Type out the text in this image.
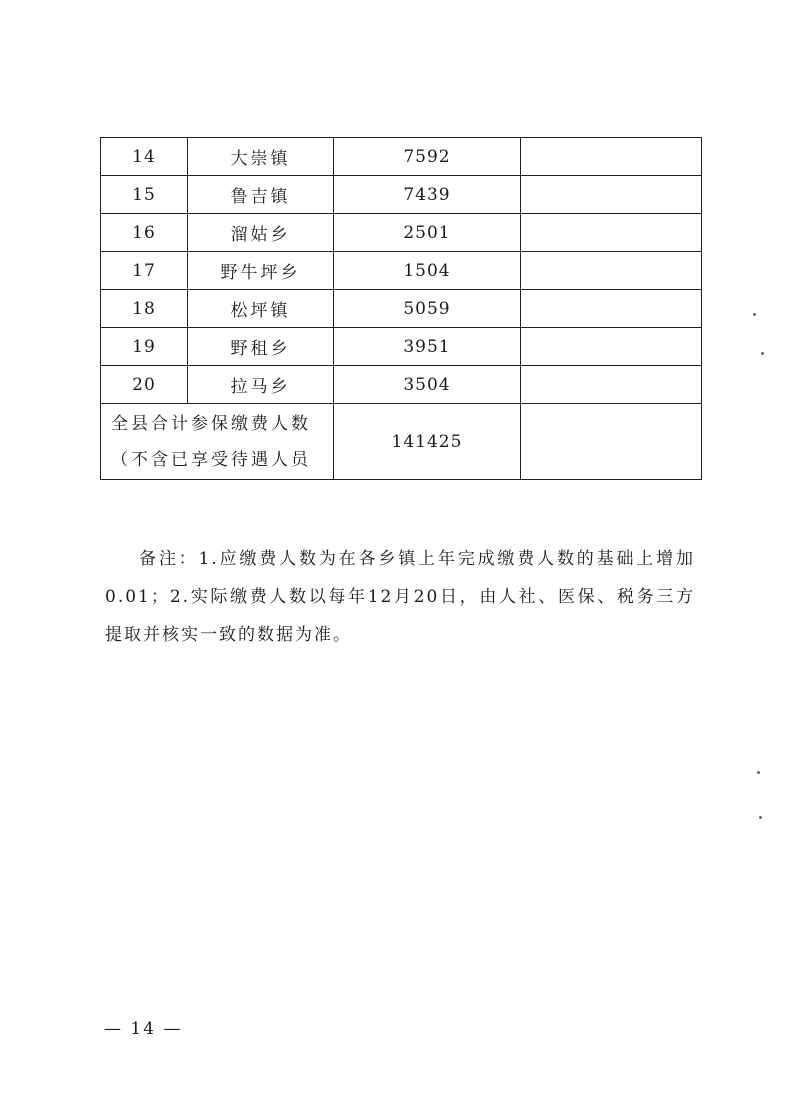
14	大崇镇	7592	
15	鲁吉镇	7439	
16	溜姑乡	2501	
17	野牛坪乡	1504	
18	松坪镇	5059	
19	野租乡	3951	
20	拉马乡	3504	

全县合计参保缴费人数
（不含已享受待遇人员		141425	

备注：1.应缴费人数为在各乡镇上年完成缴费人数的基础上增加0.01；2.实际缴费人数以每年12月20日，由人社、医保、税务三方提取并核实一致的数据为准。

— 14 —
